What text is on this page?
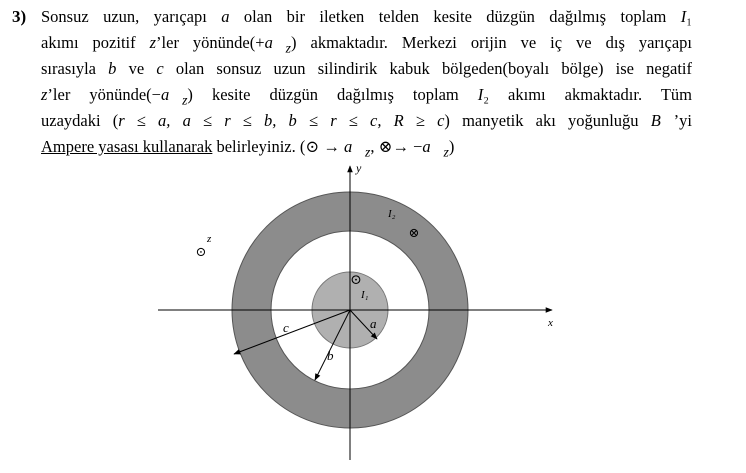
3) Sonsuz uzun, yarıçapı a olan bir iletken telden kesite düzgün dağılmış toplam I₁
akımı pozitif z’ler $yönünde(+a⃗_z)$ akmaktadır. Merkezi orijin ve iç ve dış yarıçapı
sırasıyla b ve c olan sonsuz uzun silindirik kabuk bölgeden(boyalı bölge) ise negatif
z’ler $yönünde(-a⃗_z)$ kesite düzgün dağılmış toplam I₂ akımı akmaktadır. Tüm
uzaydaki (r ≤ a, a ≤ r ≤ b, b ≤ r ≤ c, R ≥ c) manyetik akı yoğunluğu B⃗’yi
Ampere yasası kullanarak belirleyiniz. (⊙ → $a⃗_z$, ⊗→ $-a⃗_z$)
y
x
c
b
a
⊙
I₁
I₂
⊗
z
⊙
